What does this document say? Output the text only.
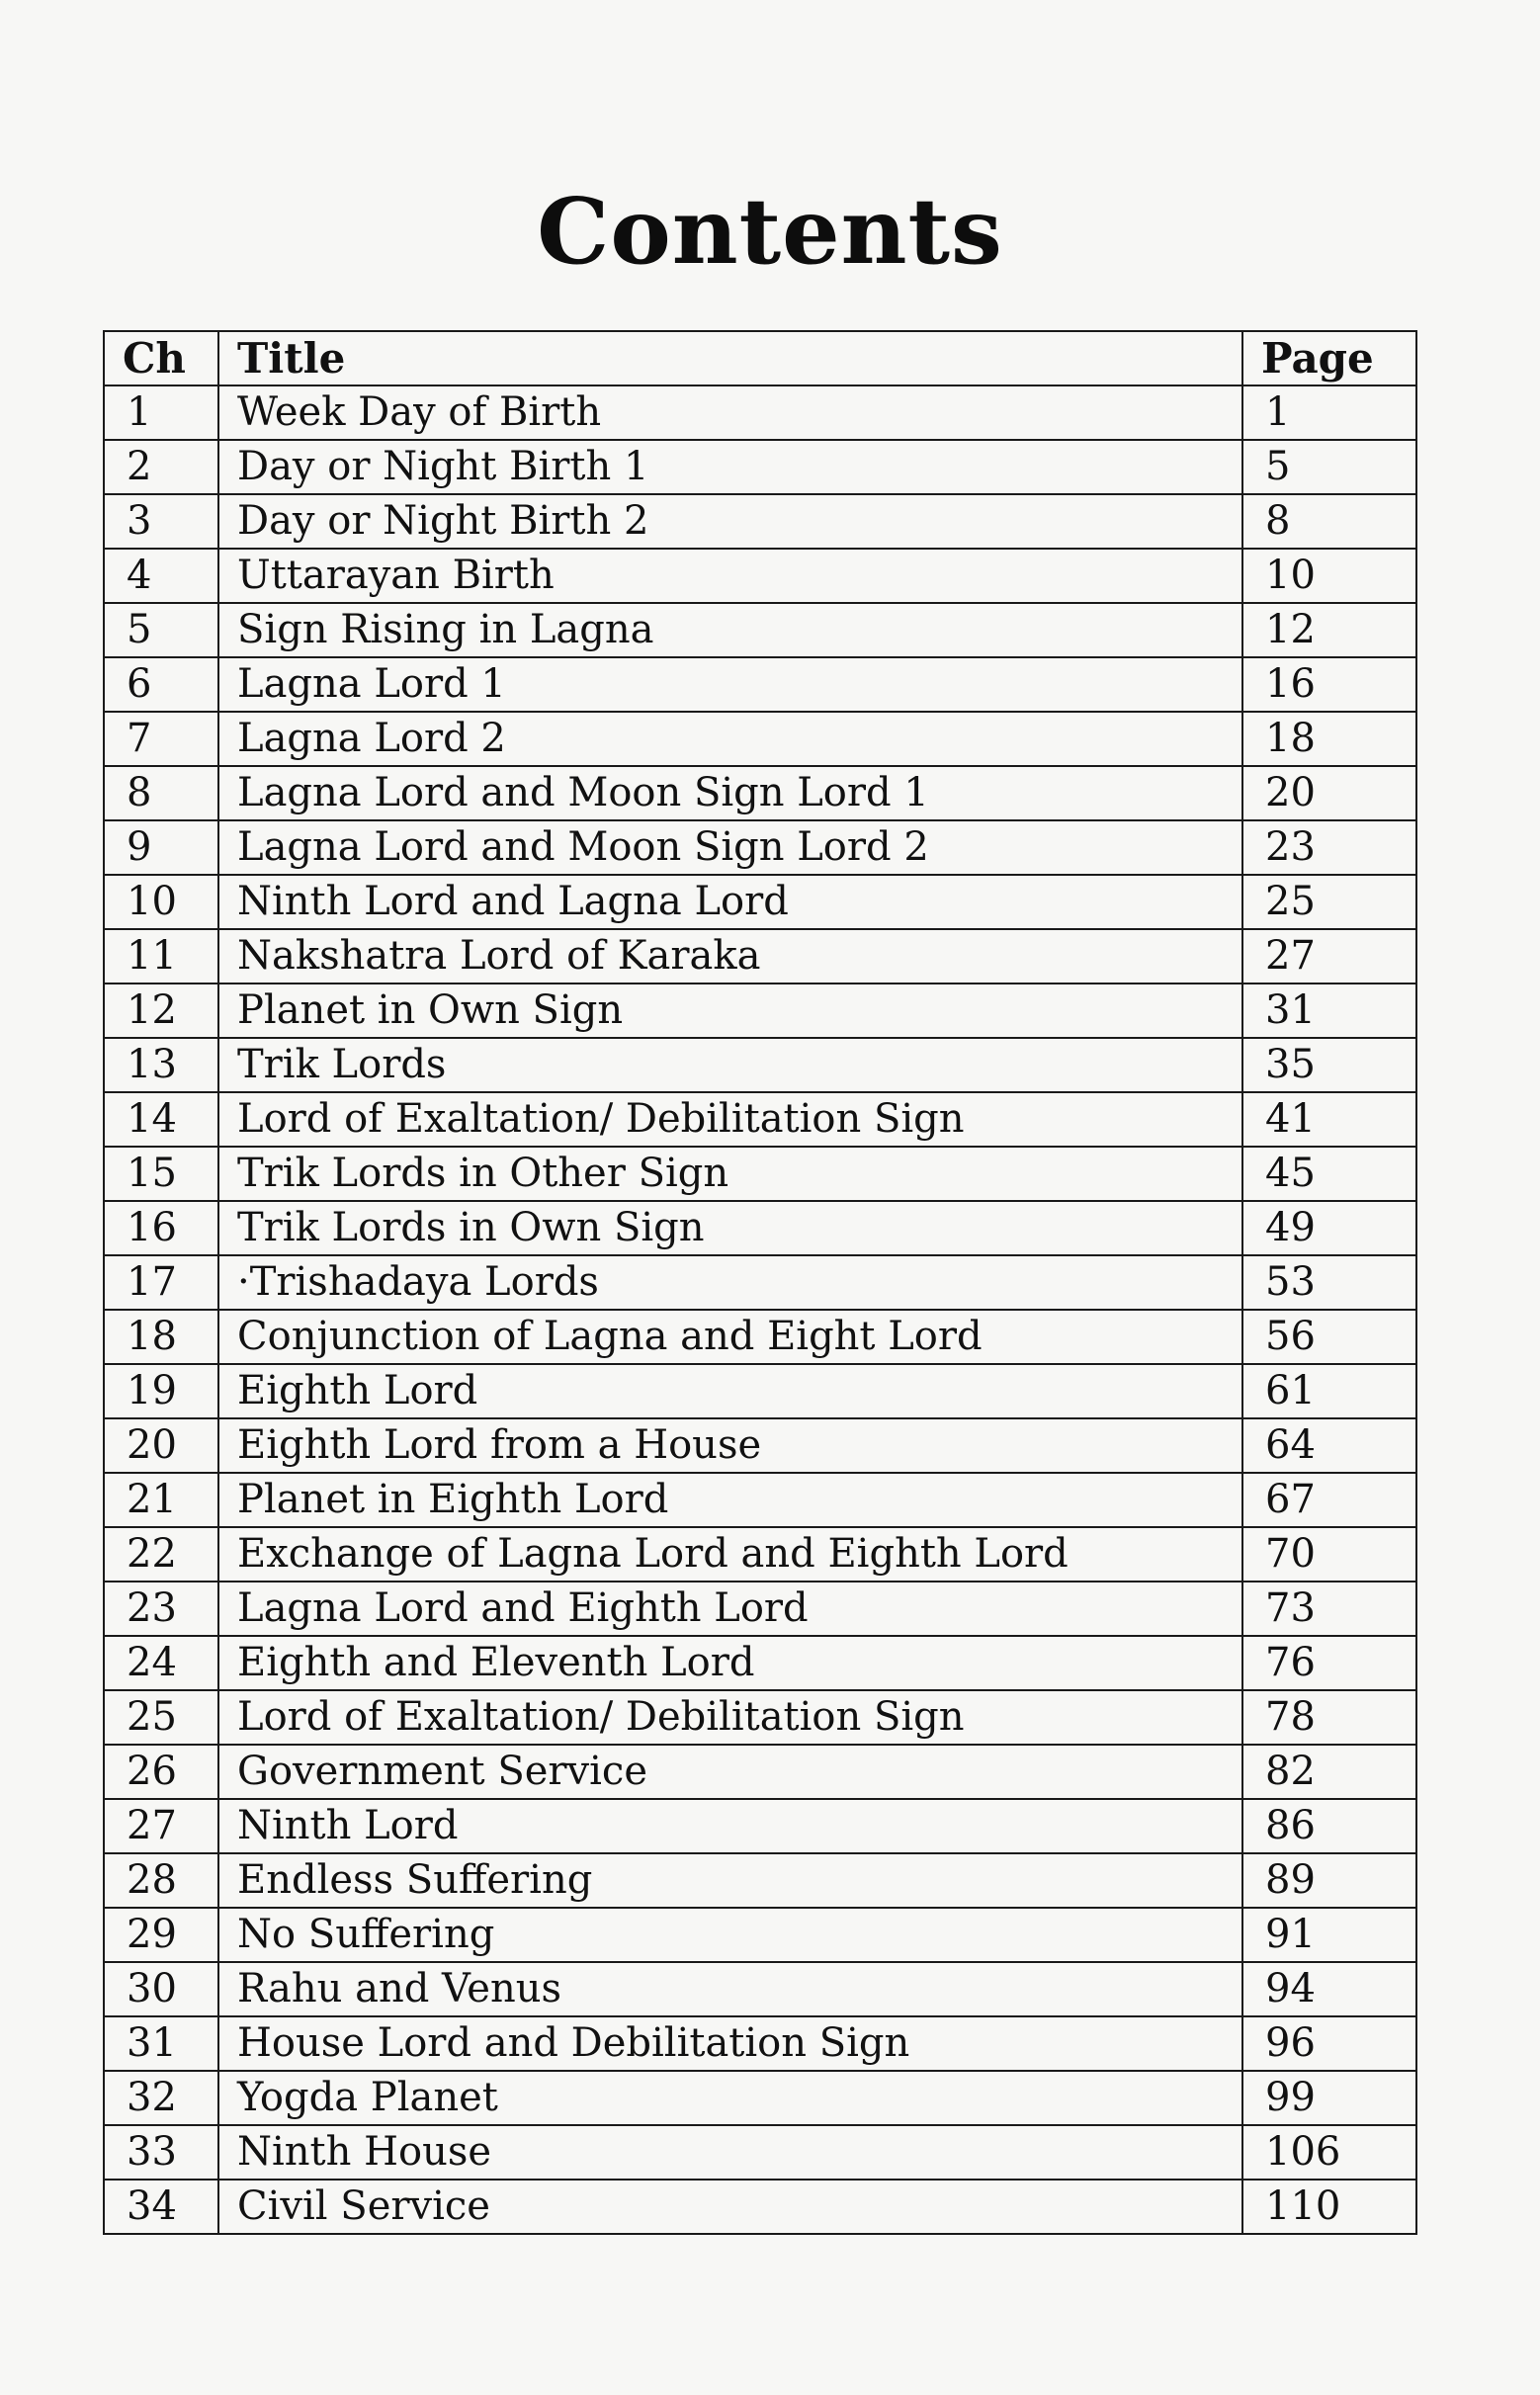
Contents
Ch	Title	Page
1	Week Day of Birth	1
2	Day or Night Birth 1	5
3	Day or Night Birth 2	8
4	Uttarayan Birth	10
5	Sign Rising in Lagna	12
6	Lagna Lord 1	16
7	Lagna Lord 2	18
8	Lagna Lord and Moon Sign Lord 1	20
9	Lagna Lord and Moon Sign Lord 2	23
10	Ninth Lord and Lagna Lord	25
11	Nakshatra Lord of Karaka	27
12	Planet in Own Sign	31
13	Trik Lords	35
14	Lord of Exaltation/ Debilitation Sign	41
15	Trik Lords in Other Sign	45
16	Trik Lords in Own Sign	49
17	·Trishadaya Lords	53
18	Conjunction of Lagna and Eight Lord	56
19	Eighth Lord	61
20	Eighth Lord from a House	64
21	Planet in Eighth Lord	67
22	Exchange of Lagna Lord and Eighth Lord	70
23	Lagna Lord and Eighth Lord	73
24	Eighth and Eleventh Lord	76
25	Lord of Exaltation/ Debilitation Sign	78
26	Government Service	82
27	Ninth Lord	86
28	Endless Suffering	89
29	No Suffering	91
30	Rahu and Venus	94
31	House Lord and Debilitation Sign	96
32	Yogda Planet	99
33	Ninth House	106
34	Civil Service	110
